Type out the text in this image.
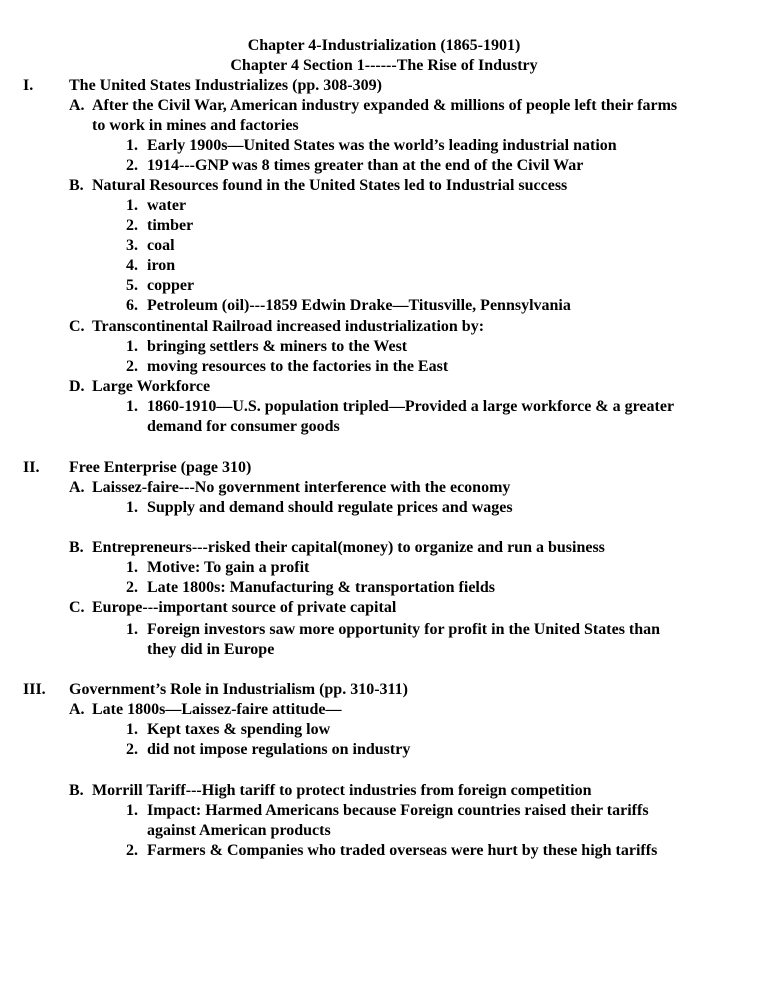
Chapter 4-Industrialization (1865-1901)
Chapter 4 Section 1------The Rise of Industry
I. The United States Industrializes (pp. 308-309)
A. After the Civil War, American industry expanded & millions of people left their farms
to work in mines and factories
1. Early 1900s—United States was the world’s leading industrial nation
2. 1914---GNP was 8 times greater than at the end of the Civil War
B. Natural Resources found in the United States led to Industrial success
1. water
2. timber
3. coal
4. iron
5. copper
6. Petroleum (oil)---1859 Edwin Drake—Titusville, Pennsylvania
C. Transcontinental Railroad increased industrialization by:
1. bringing settlers & miners to the West
2. moving resources to the factories in the East
D. Large Workforce
1. 1860-1910—U.S. population tripled—Provided a large workforce & a greater
demand for consumer goods
II. Free Enterprise (page 310)
A. Laissez-faire---No government interference with the economy
1. Supply and demand should regulate prices and wages
B. Entrepreneurs---risked their capital(money) to organize and run a business
1. Motive: To gain a profit
2. Late 1800s: Manufacturing & transportation fields
C. Europe---important source of private capital
1. Foreign investors saw more opportunity for profit in the United States than
they did in Europe
III. Government’s Role in Industrialism (pp. 310-311)
A. Late 1800s—Laissez-faire attitude—
1. Kept taxes & spending low
2. did not impose regulations on industry
B. Morrill Tariff---High tariff to protect industries from foreign competition
1. Impact: Harmed Americans because Foreign countries raised their tariffs
against American products
2. Farmers & Companies who traded overseas were hurt by these high tariffs
